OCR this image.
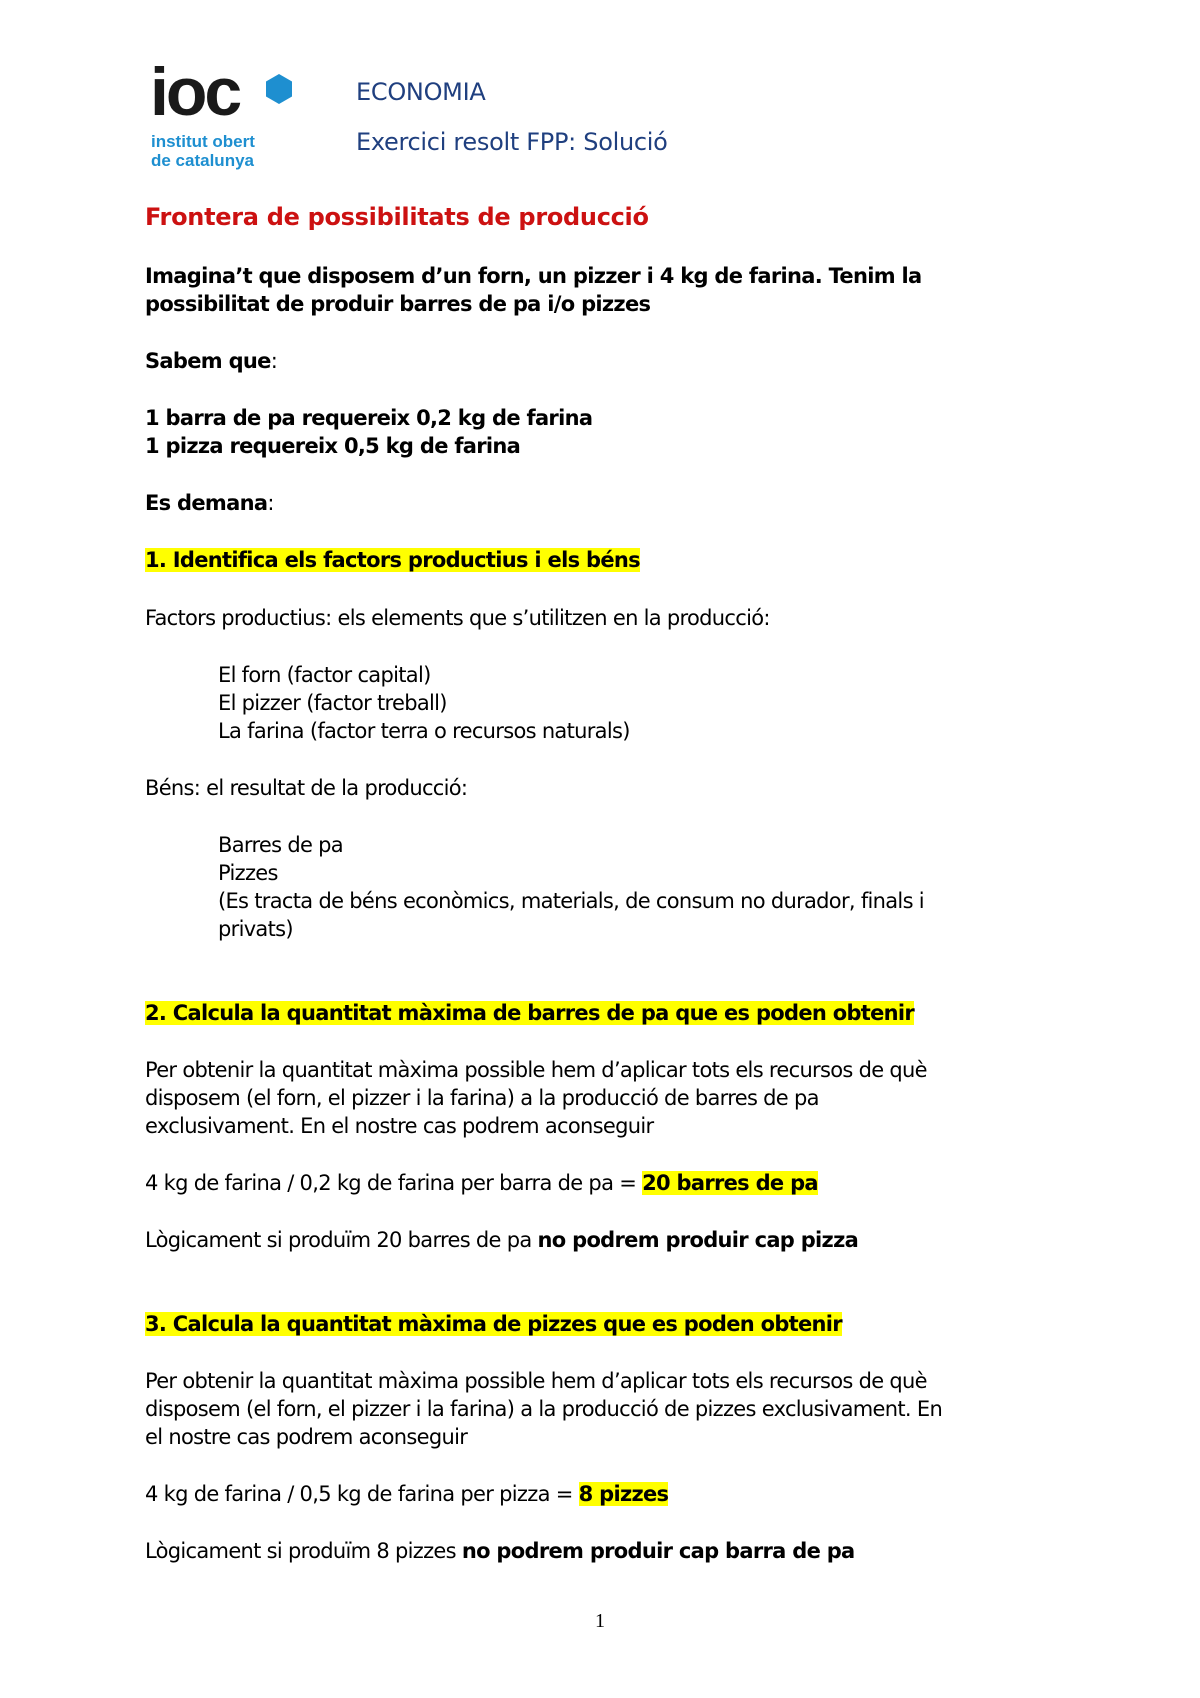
ioc
institut obert
de catalunya
ECONOMIA
Exercici resolt FPP: Solució
Frontera de possibilitats de producció
Imagina’t que disposem d’un forn, un pizzer i 4 kg de farina. Tenim la
possibilitat de produir barres de pa i/o pizzes
Sabem que:
1 barra de pa requereix 0,2 kg de farina
1 pizza requereix 0,5 kg de farina
Es demana:
1. Identifica els factors productius i els béns
Factors productius: els elements que s’utilitzen en la producció:
El forn (factor capital)
El pizzer (factor treball)
La farina (factor terra o recursos naturals)
Béns: el resultat de la producció:
Barres de pa
Pizzes
(Es tracta de béns econòmics, materials, de consum no durador, finals i
privats)
2. Calcula la quantitat màxima de barres de pa que es poden obtenir
Per obtenir la quantitat màxima possible hem d’aplicar tots els recursos de què
disposem (el forn, el pizzer i la farina) a la producció de barres de pa
exclusivament. En el nostre cas podrem aconseguir
4 kg de farina / 0,2 kg de farina per barra de pa = 20 barres de pa
Lògicament si produïm 20 barres de pa no podrem produir cap pizza
3. Calcula la quantitat màxima de pizzes que es poden obtenir
Per obtenir la quantitat màxima possible hem d’aplicar tots els recursos de què
disposem (el forn, el pizzer i la farina) a la producció de pizzes exclusivament. En
el nostre cas podrem aconseguir
4 kg de farina / 0,5 kg de farina per pizza = 8 pizzes
Lògicament si produïm 8 pizzes no podrem produir cap barra de pa
1
